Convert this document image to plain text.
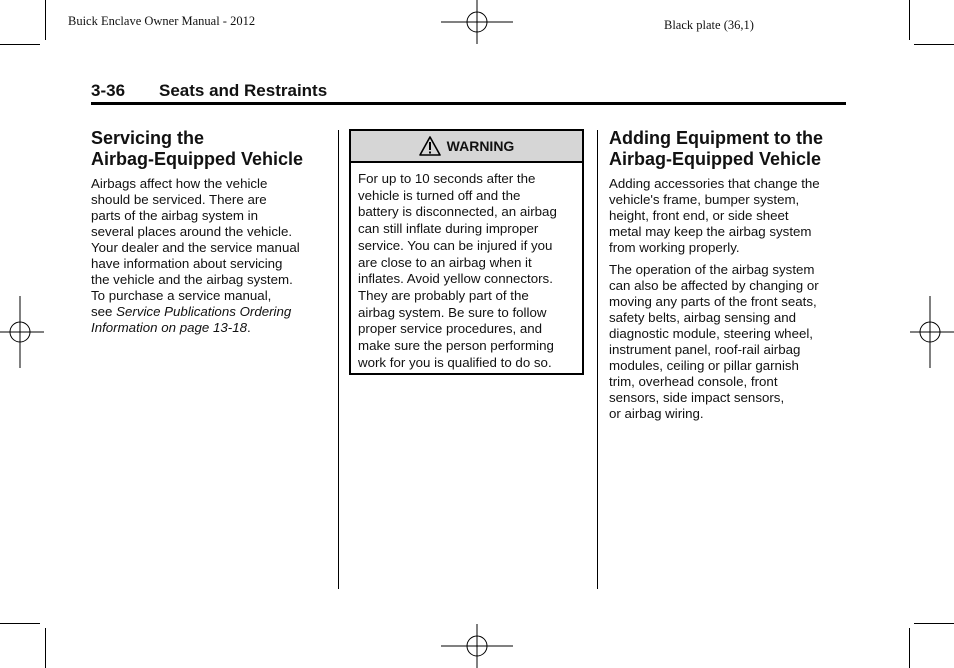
Buick Enclave Owner Manual - 2012	Black plate (36,1)
3-36 Seats and Restraints
Servicing the
Airbag-Equipped Vehicle
Airbags affect how the vehicle
should be serviced. There are
parts of the airbag system in
several places around the vehicle.
Your dealer and the service manual
have information about servicing
the vehicle and the airbag system.
To purchase a service manual,
see Service Publications Ordering
Information on page 13-18.
WARNING
For up to 10 seconds after the
vehicle is turned off and the
battery is disconnected, an airbag
can still inflate during improper
service. You can be injured if you
are close to an airbag when it
inflates. Avoid yellow connectors.
They are probably part of the
airbag system. Be sure to follow
proper service procedures, and
make sure the person performing
work for you is qualified to do so.
Adding Equipment to the
Airbag-Equipped Vehicle
Adding accessories that change the
vehicle's frame, bumper system,
height, front end, or side sheet
metal may keep the airbag system
from working properly.
The operation of the airbag system
can also be affected by changing or
moving any parts of the front seats,
safety belts, airbag sensing and
diagnostic module, steering wheel,
instrument panel, roof-rail airbag
modules, ceiling or pillar garnish
trim, overhead console, front
sensors, side impact sensors,
or airbag wiring.
